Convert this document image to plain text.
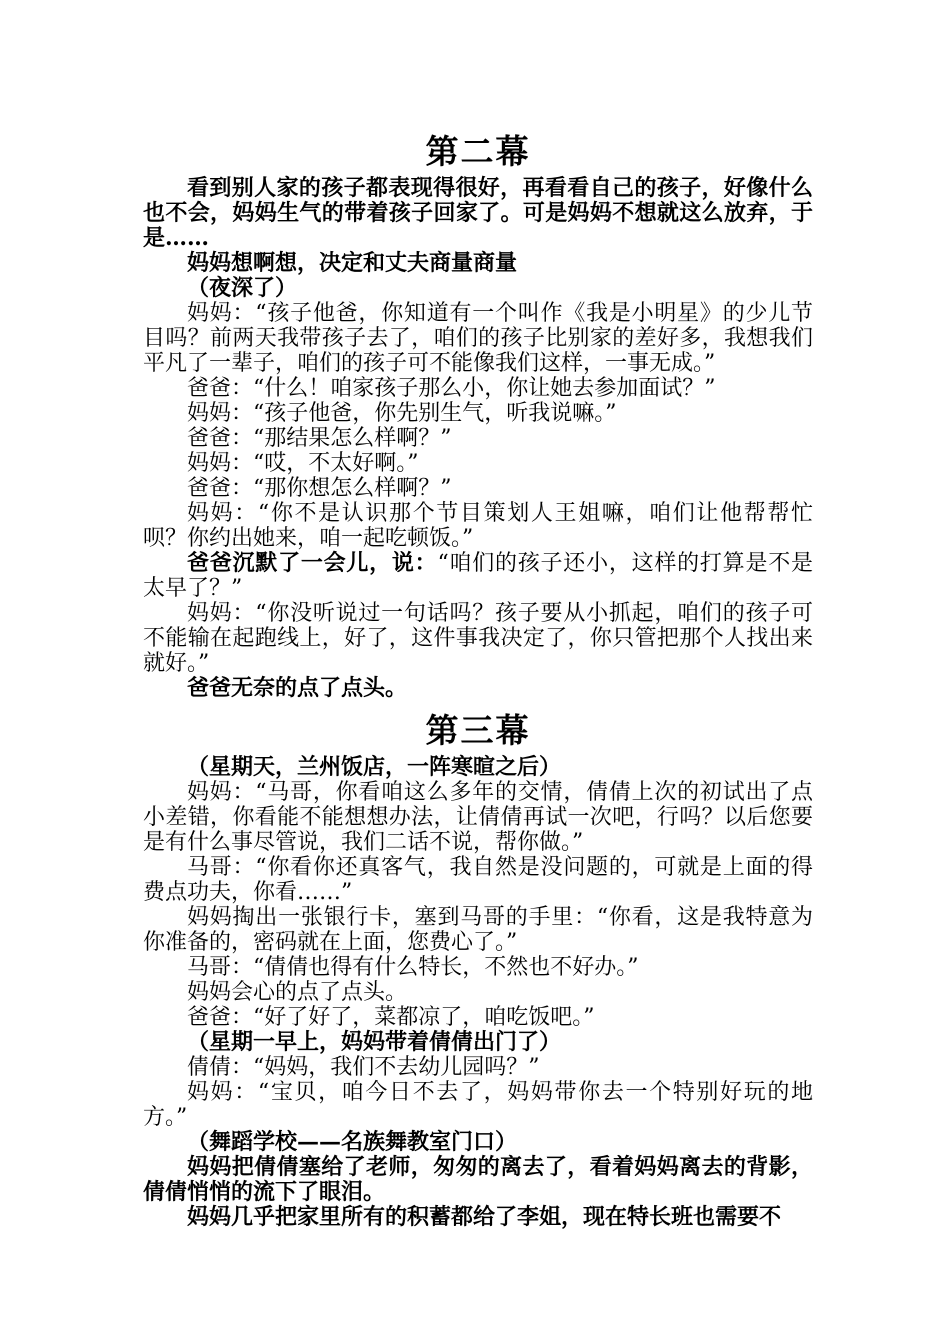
第二幕

看到别人家的孩子都表现得很好，再看看自己的孩子，好像什么也不会，妈妈生气的带着孩子回家了。可是妈妈不想就这么放弃，于是……

妈妈想啊想，决定和丈夫商量商量

（夜深了）

妈妈：“孩子他爸，你知道有一个叫作《我是小明星》的少儿节目吗？前两天我带孩子去了，咱们的孩子比别家的差好多，我想我们平凡了一辈子，咱们的孩子可不能像我们这样，一事无成。”

爸爸：“什么！咱家孩子那么小，你让她去参加面试？”

妈妈：“孩子他爸，你先别生气，听我说嘛。”

爸爸：“那结果怎么样啊？”

妈妈：“哎，不太好啊。”

爸爸：“那你想怎么样啊？”

妈妈：“你不是认识那个节目策划人王姐嘛，咱们让他帮帮忙呗？你约出她来，咱一起吃顿饭。”

爸爸沉默了一会儿，说：“咱们的孩子还小，这样的打算是不是太早了？”

妈妈：“你没听说过一句话吗？孩子要从小抓起，咱们的孩子可不能输在起跑线上，好了，这件事我决定了，你只管把那个人找出来就好。”

爸爸无奈的点了点头。

第三幕

（星期天，兰州饭店，一阵寒暄之后）

妈妈：“马哥，你看咱这么多年的交情，倩倩上次的初试出了点小差错，你看能不能想想办法，让倩倩再试一次吧，行吗？以后您要是有什么事尽管说，我们二话不说，帮你做。”

马哥：“你看你还真客气，我自然是没问题的，可就是上面的得费点功夫，你看……”

妈妈掏出一张银行卡，塞到马哥的手里：“你看，这是我特意为你准备的，密码就在上面，您费心了。”

马哥：“倩倩也得有什么特长，不然也不好办。”

妈妈会心的点了点头。

爸爸：“好了好了，菜都凉了，咱吃饭吧。”

（星期一早上，妈妈带着倩倩出门了）

倩倩：“妈妈，我们不去幼儿园吗？”

妈妈：“宝贝，咱今日不去了，妈妈带你去一个特别好玩的地方。”

（舞蹈学校——名族舞教室门口）

妈妈把倩倩塞给了老师，匆匆的离去了，看着妈妈离去的背影，倩倩悄悄的流下了眼泪。

妈妈几乎把家里所有的积蓄都给了李姐，现在特长班也需要不
